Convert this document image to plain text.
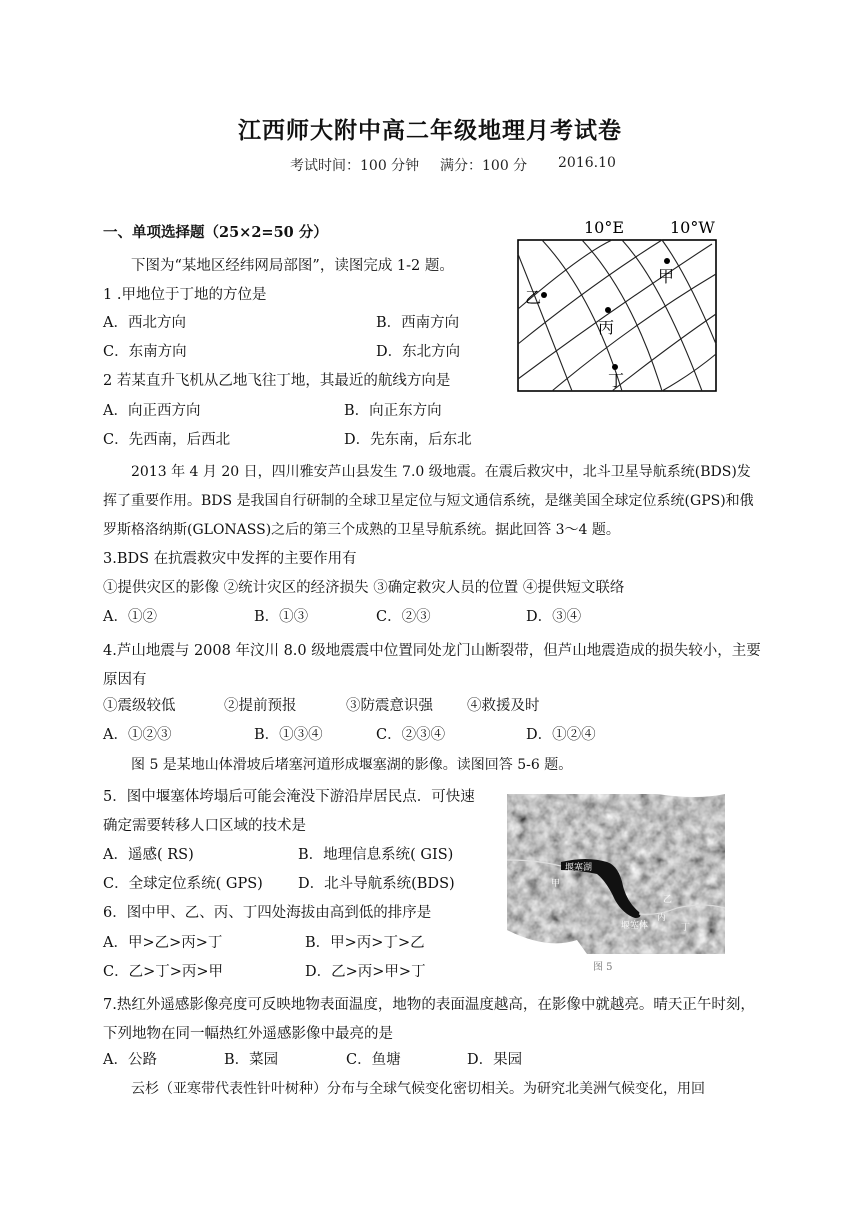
江西师大附中高二年级地理月考试卷
考试时间：100 分钟 满分：100 分 2016.10
一、单项选择题（25×2=50 分）	10°E	10°W
甲
乙
丙
丁
下图为“某地区经纬网局部图”，读图完成 1-2 题。
1 .甲地位于丁地的方位是
A．西北方向	B．西南方向
C．东南方向	D．东北方向
2 若某直升飞机从乙地飞往丁地，其最近的航线方向是
A．向正西方向	B．向正东方向
C．先西南，后西北	D．先东南，后东北
2013 年 4 月 20 日，四川雅安芦山县发生 7.0 级地震。在震后救灾中，北斗卫星导航系统(BDS)发挥了重要作用。BDS 是我国自行研制的全球卫星定位与短文通信系统，是继美国全球定位系统(GPS)和俄罗斯格洛纳斯(GLONASS)之后的第三个成熟的卫星导航系统。据此回答 3～4 题。
3.BDS 在抗震救灾中发挥的主要作用有
①提供灾区的影像 ②统计灾区的经济损失 ③确定救灾人员的位置 ④提供短文联络
A．①②	B．①③	C．②③	D．③④
4.芦山地震与 2008 年汶川 8.0 级地震震中位置同处龙门山断裂带，但芦山地震造成的损失较小，主要原因有
①震级较低	②提前预报	③防震意识强 ④救援及时
A．①②③	B．①③④	C．②③④	D．①②④
图 5 是某地山体滑坡后堵塞河道形成堰塞湖的影像。读图回答 5-6 题。
堰塞湖
甲
乙
丙
丁
堰塞体
图 5
5．图中堰塞体垮塌后可能会淹没下游沿岸居民点．可快速
确定需要转移人口区域的技术是
A．遥感( RS)	B．地理信息系统( GIS)
C．全球定位系统( GPS) D．北斗导航系统(BDS)
6．图中甲、乙、丙、丁四处海拔由高到低的排序是
A．甲>乙>丙>丁	B．甲>丙>丁>乙
C．乙>丁>丙>甲	D．乙>丙>甲>丁
7.热红外遥感影像亮度可反映地物表面温度，地物的表面温度越高，在影像中就越亮。晴天正午时刻，下列地物在同一幅热红外遥感影像中最亮的是
A．公路	B．菜园	C．鱼塘	D．果园
云杉（亚寒带代表性针叶树种）分布与全球气候变化密切相关。为研究北美洲气候变化，用回
